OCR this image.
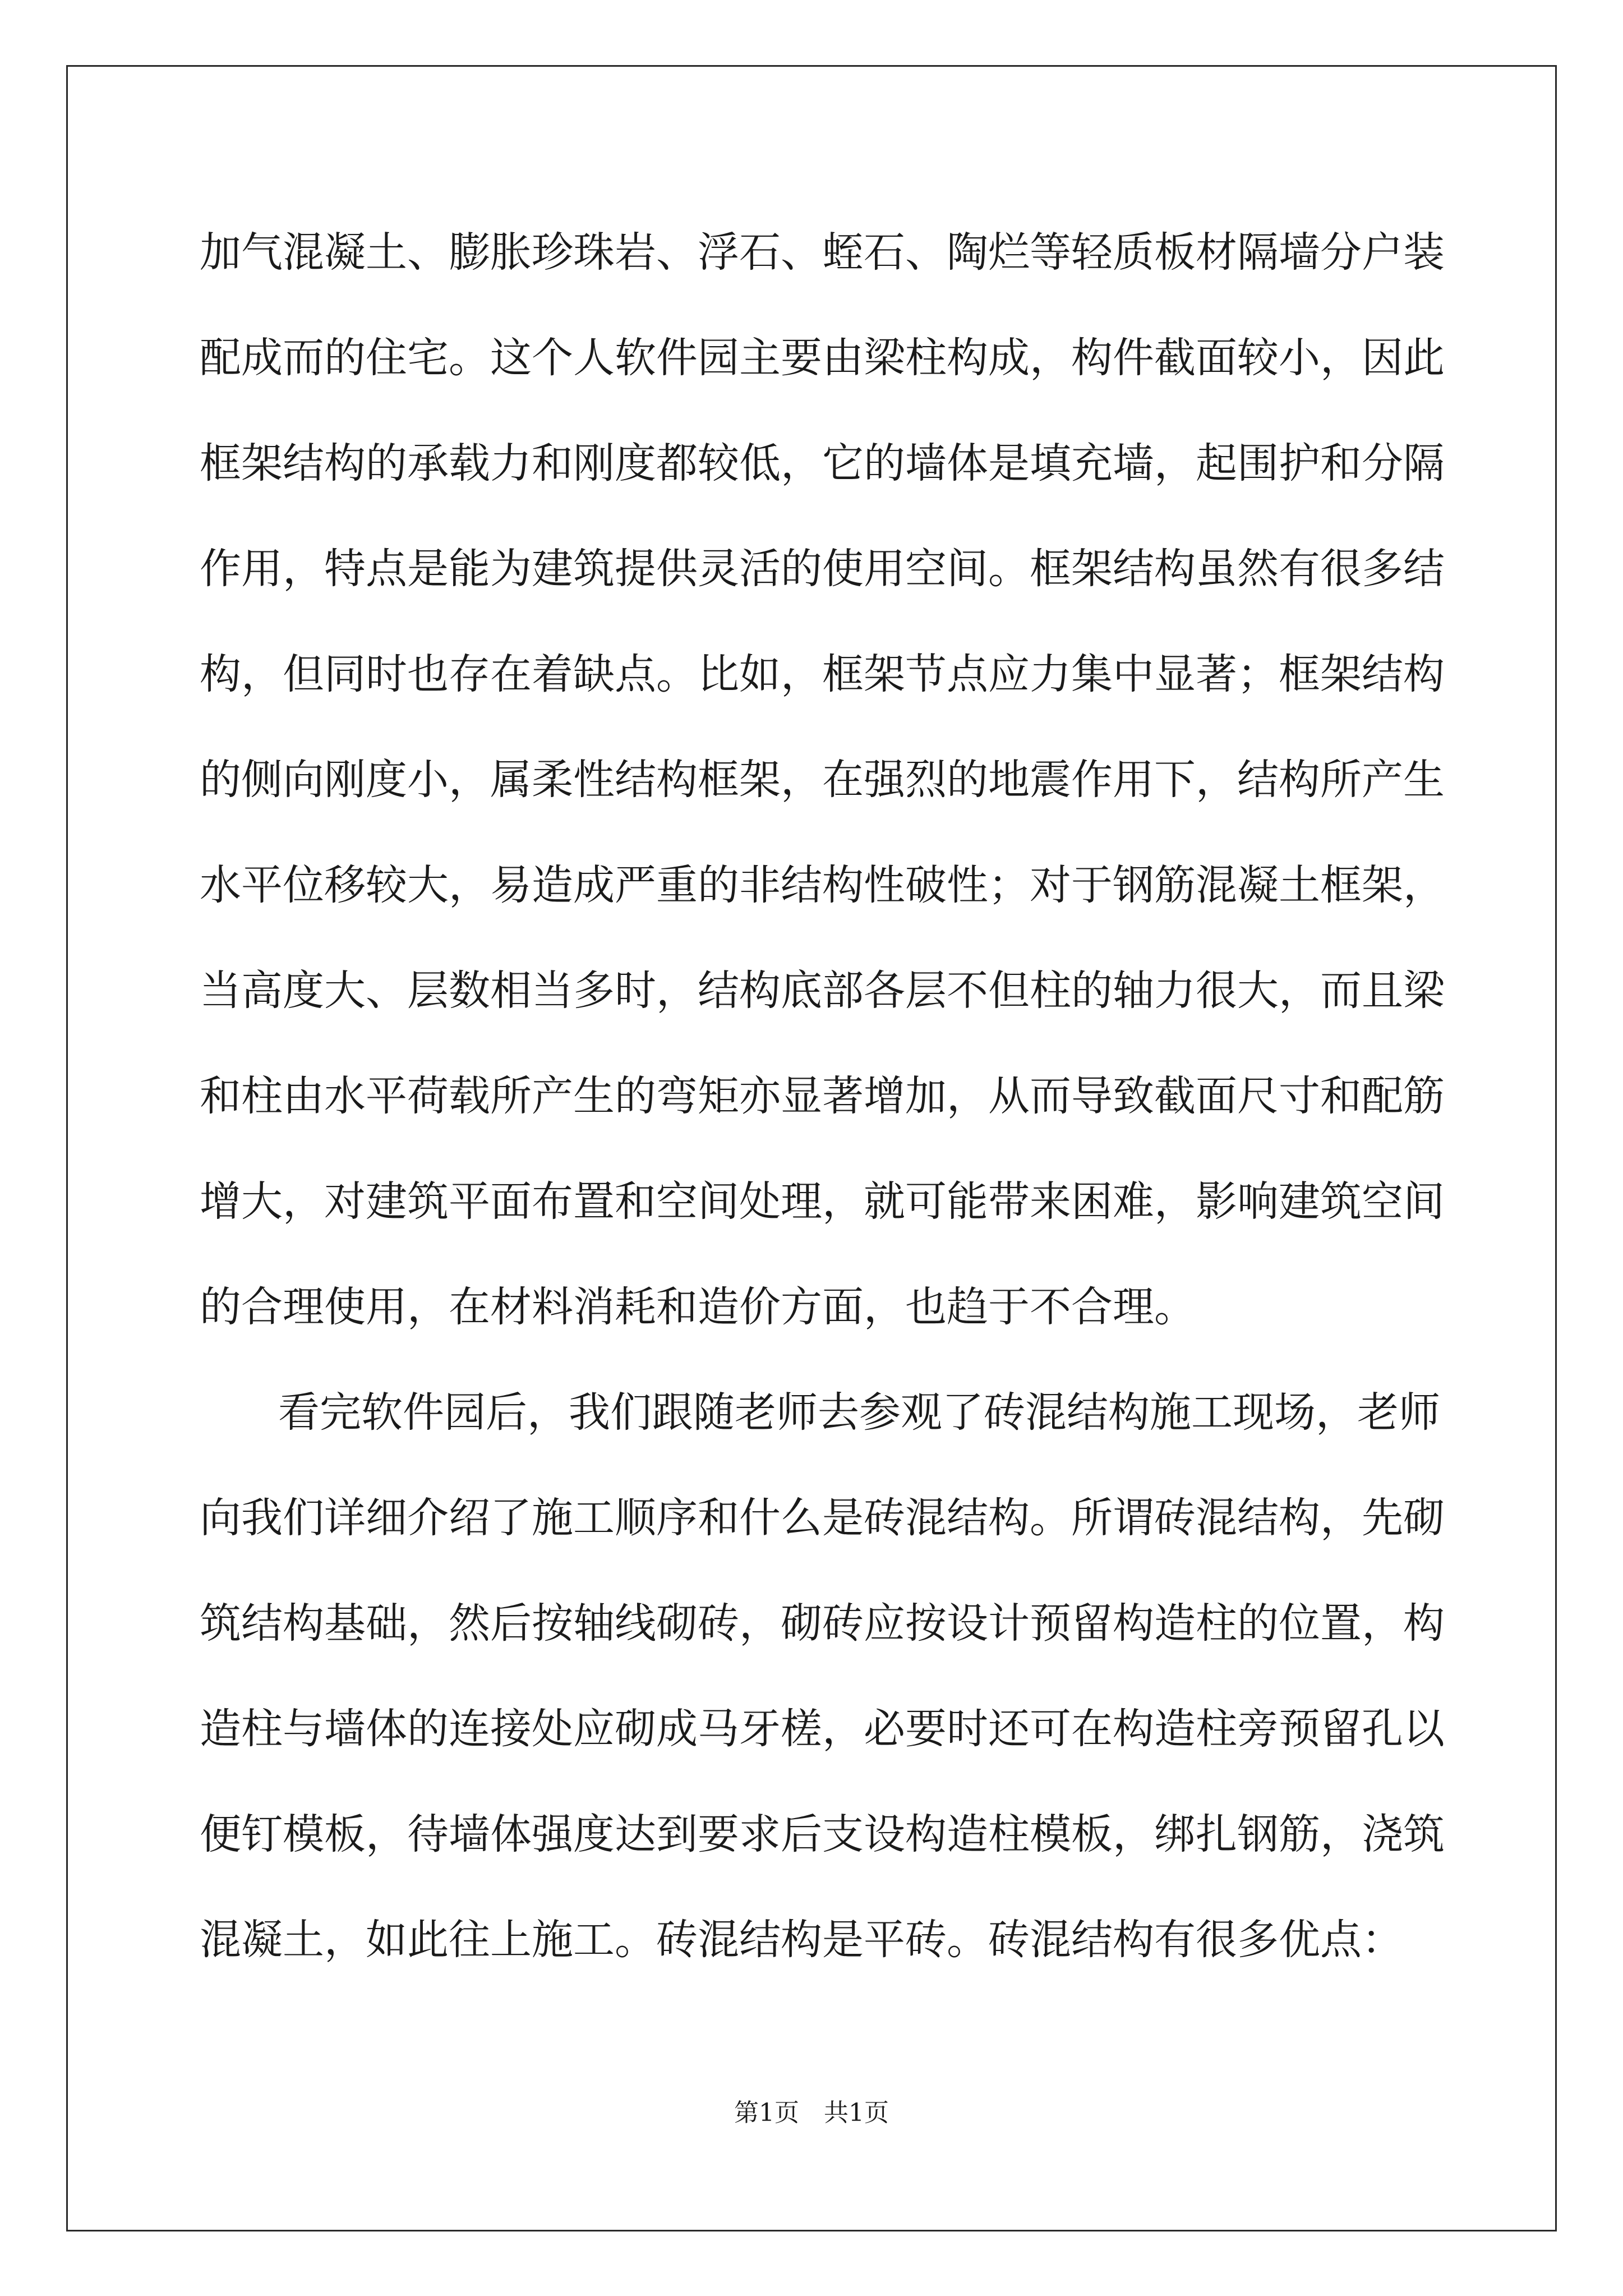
加气混凝土、膨胀珍珠岩、浮石、蛭石、陶烂等轻质板材隔墙分户装
配成而的住宅。这个人软件园主要由梁柱构成，构件截面较小，因此
框架结构的承载力和刚度都较低，它的墙体是填充墙，起围护和分隔
作用，特点是能为建筑提供灵活的使用空间。框架结构虽然有很多结
构，但同时也存在着缺点。比如，框架节点应力集中显著；框架结构
的侧向刚度小，属柔性结构框架，在强烈的地震作用下，结构所产生
水平位移较大，易造成严重的非结构性破性；对于钢筋混凝土框架，
当高度大、层数相当多时，结构底部各层不但柱的轴力很大，而且梁
和柱由水平荷载所产生的弯矩亦显著增加，从而导致截面尺寸和配筋
增大，对建筑平面布置和空间处理，就可能带来困难，影响建筑空间
的合理使用，在材料消耗和造价方面，也趋于不合理。
看完软件园后，我们跟随老师去参观了砖混结构施工现场，老师
向我们详细介绍了施工顺序和什么是砖混结构。所谓砖混结构，先砌
筑结构基础，然后按轴线砌砖，砌砖应按设计预留构造柱的位置，构
造柱与墙体的连接处应砌成马牙槎，必要时还可在构造柱旁预留孔以
便钉模板，待墙体强度达到要求后支设构造柱模板，绑扎钢筋，浇筑
混凝土，如此往上施工。砖混结构是平砖。砖混结构有很多优点：
第1页　共1页
